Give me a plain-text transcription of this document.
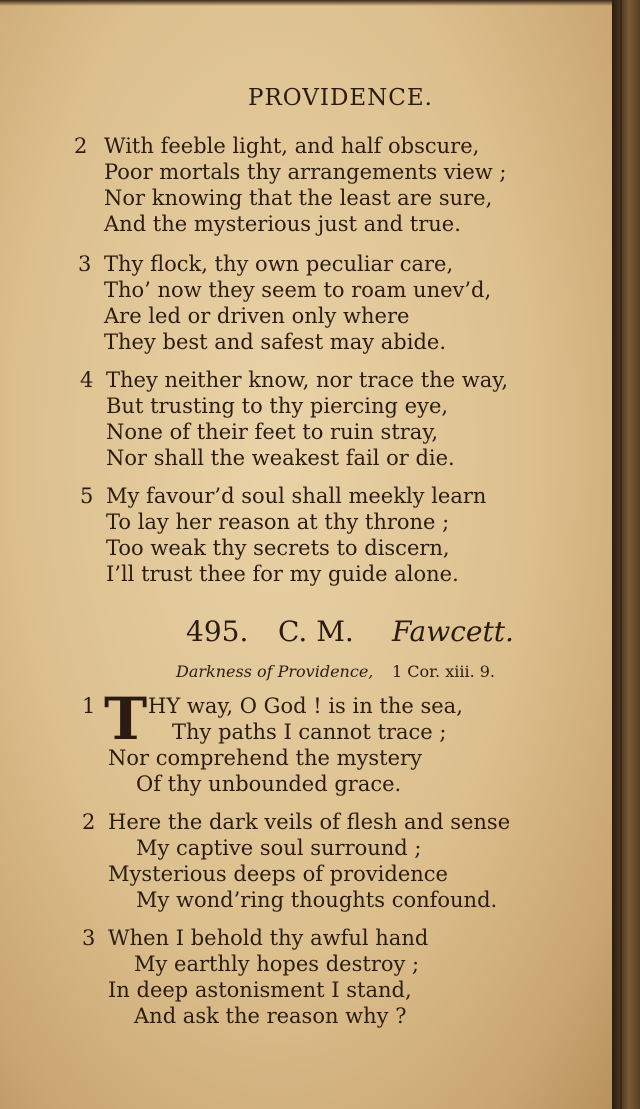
PROVIDENCE.
2 With feeble light, and half obscure,
Poor mortals thy arrangements view ;
Nor knowing that the least are sure,
And the mysterious just and true.
3 Thy flock, thy own peculiar care,
Tho’ now they seem to roam unev’d,
Are led or driven only where
They best and safest may abide.
4 They neither know, nor trace the way,
But trusting to thy piercing eye,
None of their feet to ruin stray,
Nor shall the weakest fail or die.
5 My favour’d soul shall meekly learn
To lay her reason at thy throne ;
Too weak thy secrets to discern,
I’ll trust thee for my guide alone.
495. C. M. Fawcett.
Darkness of Providence, 1 Cor. xiii. 9.
1 T HY way, O God ! is in the sea,
Thy paths I cannot trace ;
Nor comprehend the mystery
Of thy unbounded grace.
2 Here the dark veils of flesh and sense
My captive soul surround ;
Mysterious deeps of providence
My wond’ring thoughts confound.
3 When I behold thy awful hand
My earthly hopes destroy ;
In deep astonisment I stand,
And ask the reason why ?
